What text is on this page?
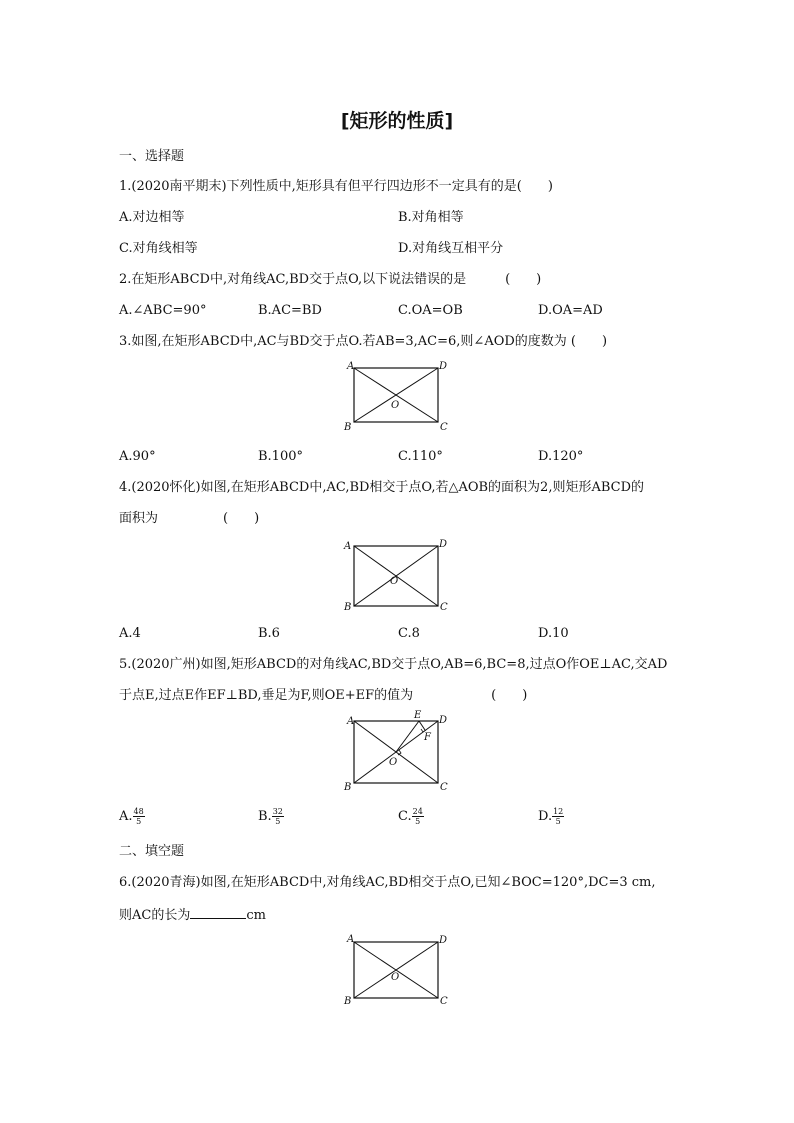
[矩形的性质]
一、选择题
1.(2020南平期末)下列性质中,矩形具有但平行四边形不一定具有的是(　　)
A.对边相等	B.对角相等
C.对角线相等	D.对角线互相平分
2.在矩形ABCD中,对角线AC,BD交于点O,以下说法错误的是　　　(　　)
A.∠ABC=90°	B.AC=BD	C.OA=OB	D.OA=AD
3.如图,在矩形ABCD中,AC与BD交于点O.若AB=3,AC=6,则∠AOD的度数为 (　　)
A	D
B	C
O
A.90°	B.100°	C.110°	D.120°
4.(2020怀化)如图,在矩形ABCD中,AC,BD相交于点O,若△AOB的面积为2,则矩形ABCD的
面积为　　　　　(　　)
A	D
B	C
O
A.4	B.6	C.8	D.10
5.(2020广州)如图,矩形ABCD的对角线AC,BD交于点O,AB=6,BC=8,过点O作OE⊥AC,交AD
于点E,过点E作EF⊥BD,垂足为F,则OE+EF的值为　　　　　　(　　)
A	D
B	C
O
E
F
A. $\frac{48}{5}$	B. $\frac{32}{5}$	C. $\frac{24}{5}$	D. $\frac{12}{5}$
二、填空题
6.(2020青海)如图,在矩形ABCD中,对角线AC,BD相交于点O,已知∠BOC=120°,DC=3 cm,
则AC的长为	cm
A	D
B	C
O
